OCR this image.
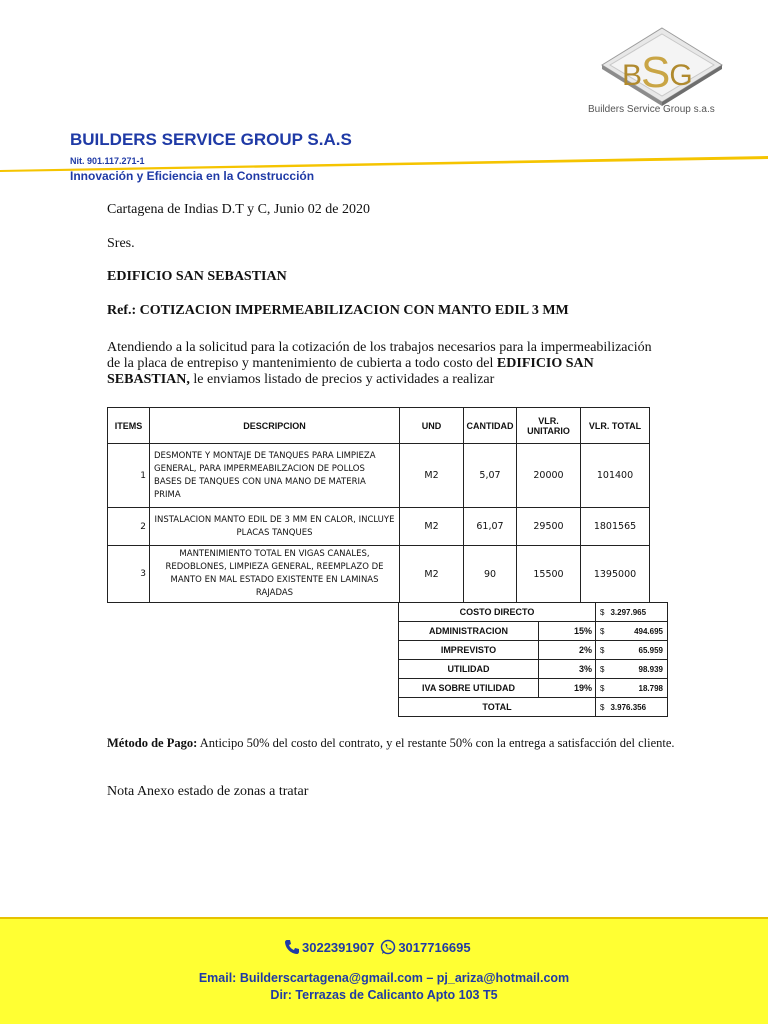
BSG
Builders Service Group s.a.s
BUILDERS SERVICE GROUP S.A.S
Nit. 901.117.271-1
Innovación y Eficiencia en la Construcción
Cartagena de Indias D.T y C, Junio 02 de 2020
Sres.
EDIFICIO SAN SEBASTIAN
Ref.: COTIZACION IMPERMEABILIZACION CON MANTO EDIL 3 MM
Atendiendo a la solicitud para la cotización de los trabajos necesarios para la impermeabilización de la placa de entrepiso y mantenimiento de cubierta a todo costo del EDIFICIO SAN SEBASTIAN, le enviamos listado de precios y actividades a realizar
ITEMS	DESCRIPCION	UND	CANTIDAD	VLR. UNITARIO	VLR. TOTAL
1	DESMONTE Y MONTAJE DE TANQUES PARA LIMPIEZA GENERAL, PARA IMPERMEABILZACION DE POLLOS BASES DE TANQUES CON UNA MANO DE MATERIA PRIMA	M2	5,07	20000	101400
2	INSTALACION MANTO EDIL DE 3 MM EN CALOR, INCLUYE PLACAS TANQUES	M2	61,07	29500	1801565
3	MANTENIMIENTO TOTAL EN VIGAS CANALES, REDOBLONES, LIMPIEZA GENERAL, REEMPLAZO DE MANTO EN MAL ESTADO EXISTENTE EN LAMINAS RAJADAS	M2	90	15500	1395000
COSTO DIRECTO		$ 3.297.965
ADMINISTRACION	15%	$ 494.695

IMPREVISTO	2%	$ 65.959

UTILIDAD	3%	$ 98.939

IVA SOBRE UTILIDAD	19%	$ 18.798

TOTAL		$ 3.976.356
Método de Pago: Anticipo 50% del costo del contrato, y el restante 50% con la entrega a satisfacción del cliente.
Nota Anexo estado de zonas a tratar
3022391907 3017716695
Email: Builderscartagena@gmail.com – pj_ariza@hotmail.com
Dir: Terrazas de Calicanto Apto 103 T5
